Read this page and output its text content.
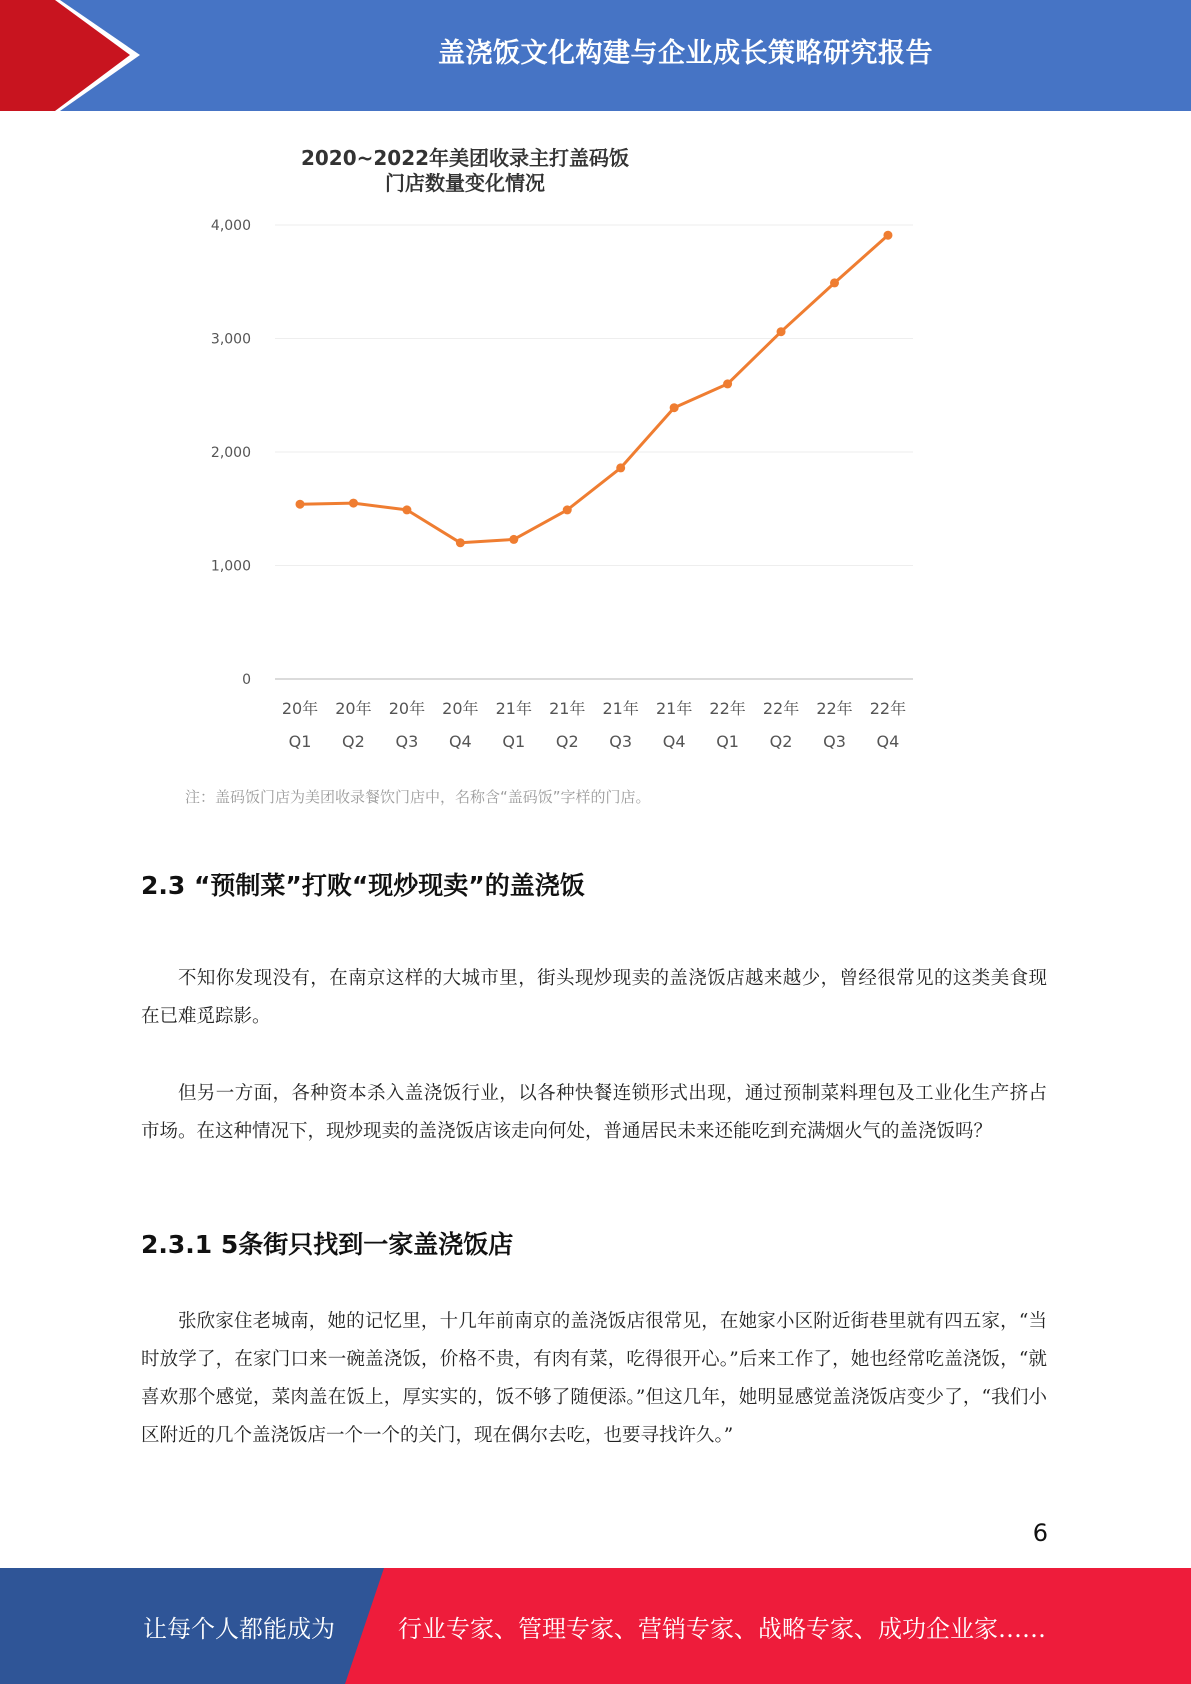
盖浇饭文化构建与企业成长策略研究报告
0
1,000
2,000
3,000
4,000
20年
Q1
20年
Q2
20年
Q3
20年
Q4
21年
Q1
21年
Q2
21年
Q3
21年
Q4
22年
Q1
22年
Q2
22年
Q3
22年
Q4
2020~2022年美团收录主打盖码饭
门店数量变化情况
注：盖码饭门店为美团收录餐饮门店中，名称含“盖码饭”字样的门店。
2.3 “预制菜”打败“现炒现卖”的盖浇饭

不知你发现没有，在南京这样的大城市里，街头现炒现卖的盖浇饭店越来越少，曾经很常见的这类美食现在已难觅踪影。

但另一方面，各种资本杀入盖浇饭行业，以各种快餐连锁形式出现，通过预制菜料理包及工业化生产挤占市场。在这种情况下，现炒现卖的盖浇饭店该走向何处，普通居民未来还能吃到充满烟火气的盖浇饭吗？

2.3.1 5条街只找到一家盖浇饭店

张欣家住老城南，她的记忆里，十几年前南京的盖浇饭店很常见，在她家小区附近街巷里就有四五家，“当时放学了，在家门口来一碗盖浇饭，价格不贵，有肉有菜，吃得很开心。”后来工作了，她也经常吃盖浇饭，“就喜欢那个感觉，菜肉盖在饭上，厚实实的，饭不够了随便添。”但这几年，她明显感觉盖浇饭店变少了，“我们小区附近的几个盖浇饭店一个一个的关门，现在偶尔去吃，也要寻找许久。”

6
让每个人都能成为	行业专家、管理专家、营销专家、战略专家、成功企业家……
